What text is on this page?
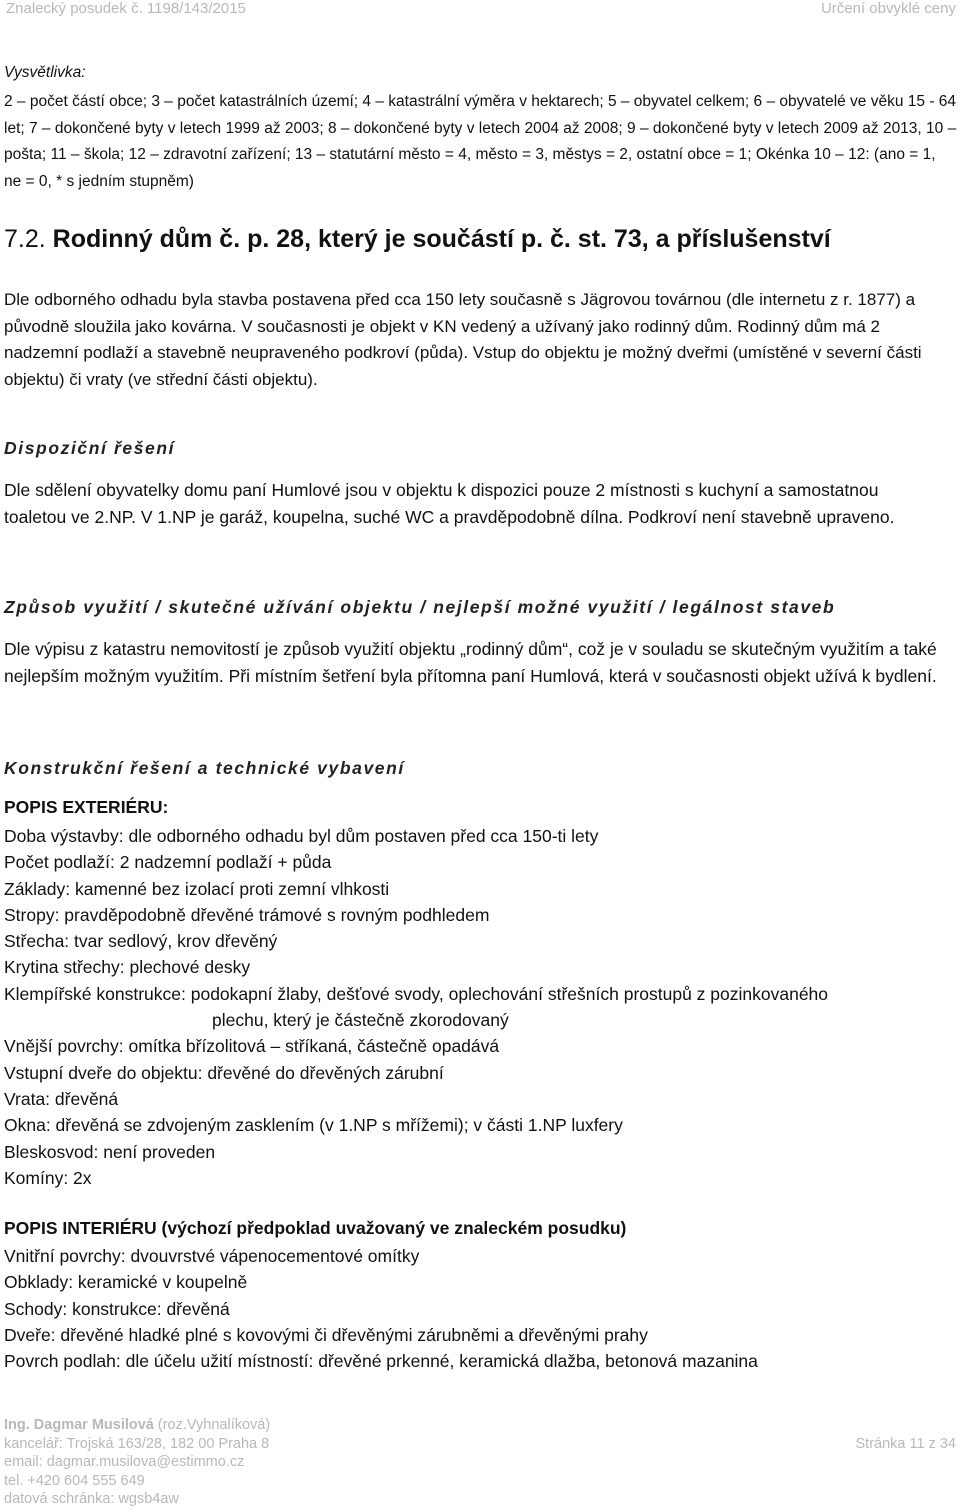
Znalecký posudek č. 1198/143/2015	Určení obvyklé ceny
Vysvětlivka:
2 – počet částí obce; 3 – počet katastrálních území; 4 – katastrální výměra v hektarech; 5 – obyvatel celkem; 6 – obyvatelé ve věku 15 - 64 let; 7 – dokončené byty v letech 1999 až 2003; 8 – dokončené byty v letech 2004 až 2008; 9 – dokončené byty v letech 2009 až 2013, 10 – pošta; 11 – škola; 12 – zdravotní zařízení; 13 – statutární město = 4, město = 3, městys = 2, ostatní obce = 1; Okénka 10 – 12: (ano = 1, ne = 0, * s jedním stupněm)
7.2. Rodinný dům č. p. 28, který je součástí p. č. st. 73, a příslušenství
Dle odborného odhadu byla stavba postavena před cca 150 lety současně s Jägrovou továrnou (dle internetu z r. 1877) a původně sloužila jako kovárna. V současnosti je objekt v KN vedený a užívaný jako rodinný dům. Rodinný dům má 2 nadzemní podlaží a stavebně neupraveného podkroví (půda). Vstup do objektu je možný dveřmi (umístěné v severní části objektu) či vraty (ve střední části objektu).
Dispoziční řešení
Dle sdělení obyvatelky domu paní Humlové jsou v objektu k dispozici pouze 2 místnosti s kuchyní a samostatnou toaletou ve 2.NP. V 1.NP je garáž, koupelna, suché WC a pravděpodobně dílna. Podkroví není stavebně upraveno.
Způsob využití / skutečné užívání objektu / nejlepší možné využití / legálnost staveb
Dle výpisu z katastru nemovitostí je způsob využití objektu „rodinný dům“, což je v souladu se skutečným využitím a také nejlepším možným využitím. Při místním šetření byla přítomna paní Humlová, která v současnosti objekt užívá k bydlení.
Konstrukční řešení a technické vybavení
POPIS EXTERIÉRU:
Doba výstavby: dle odborného odhadu byl dům postaven před cca 150-ti lety
Počet podlaží: 2 nadzemní podlaží + půda
Základy: kamenné bez izolací proti zemní vlhkosti
Stropy: pravděpodobně dřevěné trámové s rovným podhledem
Střecha: tvar sedlový, krov dřevěný
Krytina střechy: plechové desky
Klempířské konstrukce: podokapní žlaby, dešťové svody, oplechování střešních prostupů z pozinkovaného
plechu, který je částečně zkorodovaný
Vnější povrchy: omítka břízolitová – stříkaná, částečně opadává
Vstupní dveře do objektu: dřevěné do dřevěných zárubní
Vrata: dřevěná
Okna: dřevěná se zdvojeným zasklením (v 1.NP s mřížemi); v části 1.NP luxfery
Bleskosvod: není proveden
Komíny: 2x
POPIS INTERIÉRU (výchozí předpoklad uvažovaný ve znaleckém posudku)
Vnitřní povrchy: dvouvrstvé vápenocementové omítky
Obklady: keramické v koupelně
Schody: konstrukce: dřevěná
Dveře: dřevěné hladké plné s kovovými či dřevěnými zárubněmi a dřevěnými prahy
Povrch podlah: dle účelu užití místností: dřevěné prkenné, keramická dlažba, betonová mazanina
Ing. Dagmar Musilová (roz.Vyhnalíková)
kancelář: Trojská 163/28, 182 00 Praha 8
email: dagmar.musilova@estimmo.cz
tel. +420 604 555 649
datová schránka: wgsb4aw
Stránka 11 z 34
